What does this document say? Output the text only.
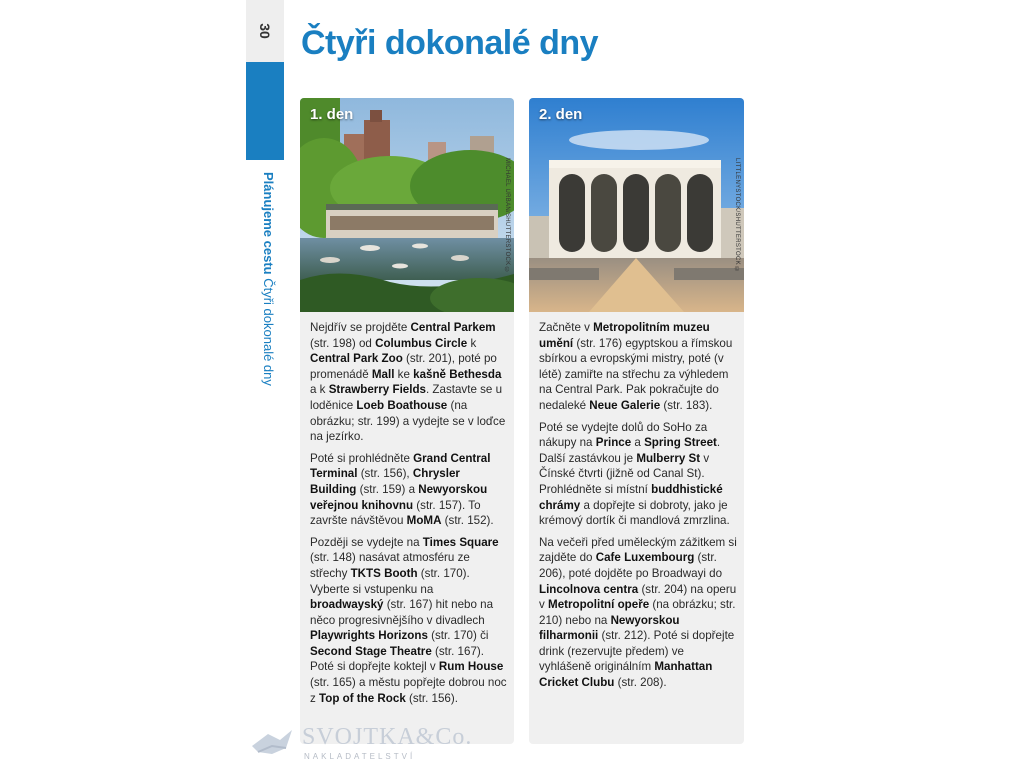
30
Plánujeme cestu Čtyři dokonalé dny
Čtyři dokonalé dny
1. den
MICHAEL URBAN/SHUTTERSTOCK ©

Nejdřív se projděte Central Parkem (str. 198) od Columbus Circle k Central Park Zoo (str. 201), poté po promenádě Mall ke kašně Bethesda a k Strawberry Fields. Zastavte se u loděnice Loeb Boathouse (na obrázku; str. 199) a vydejte se v loďce na jezírko.

Poté si prohlédněte Grand Central Terminal (str. 156), Chrysler Building (str. 159) a Newyorskou veřejnou knihovnu (str. 157). To završte návštěvou MoMA (str. 152).

Později se vydejte na Times Square (str. 148) nasávat atmosféru ze střechy TKTS Booth (str. 170). Vyberte si vstupenku na broadwayský (str. 167) hit nebo na něco progresivnějšího v divadlech Playwrights Horizons (str. 170) či Second Stage Theatre (str. 167). Poté si dopřejte koktejl v Rum House (str. 165) a městu popřejte dobrou noc z Top of the Rock (str. 156).

2. den
LITTLENYSTOCK/SHUTTERSTOCK ©

Začněte v Metropolitním muzeu umění (str. 176) egyptskou a římskou sbírkou a evropskými mistry, poté (v létě) zamiřte na střechu za výhledem na Central Park. Pak pokračujte do nedaleké Neue Galerie (str. 183).

Poté se vydejte dolů do SoHo za nákupy na Prince a Spring Street. Další zastávkou je Mulberry St v Čínské čtvrti (jižně od Canal St). Prohlédněte si místní buddhistické chrámy a dopřejte si dobroty, jako je krémový dortík či mandlová zmrzlina.

Na večeři před uměleckým zážitkem si zajděte do Cafe Luxembourg (str. 206), poté dojděte po Broadwayi do Lincolnova centra (str. 204) na operu v Metropolitní opeře (na obrázku; str. 210) nebo na Newyorskou filharmonii (str. 212). Poté si dopřejte drink (rezervujte předem) ve vyhlášeně originálním Manhattan Cricket Clubu (str. 208).

SVOJTKA&Co.
NAKLADATELSTVÍ
